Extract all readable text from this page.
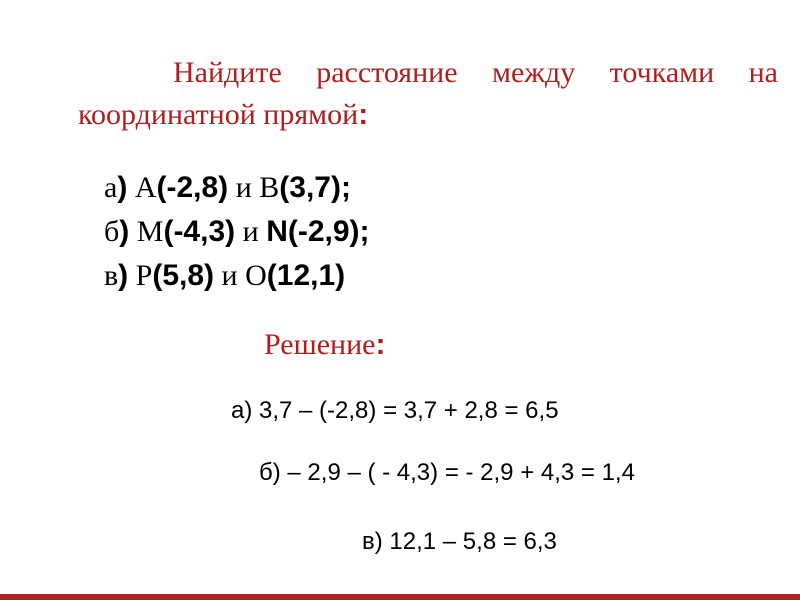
Найдите расстояние между точками на координатной прямой:
а) А(-2,8) и В(3,7);
б) М(-4,3) и N(-2,9);
в) Р(5,8) и О(12,1)
Решение:
а) 3,7 – (-2,8) = 3,7 + 2,8 = 6,5
б) – 2,9 – ( - 4,3) = - 2,9 + 4,3 = 1,4
в) 12,1 – 5,8 = 6,3
